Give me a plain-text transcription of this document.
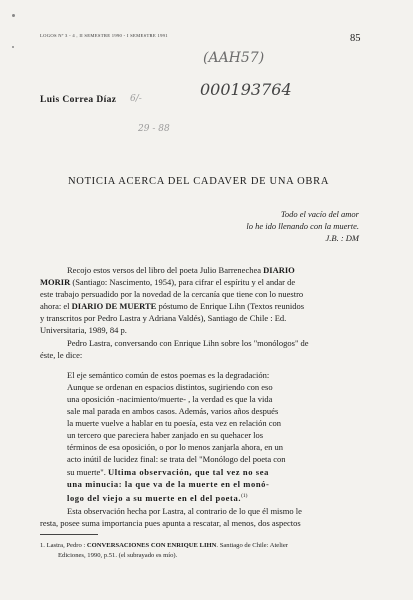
LOGOS Nº 3 - 4 , II SEMESTRE 1990 - I SEMESTRE 1991	85
(AAH57)
000193764
6/-
29 - 88
Luis Correa Díaz
NOTICIA ACERCA DEL CADAVER DE UNA OBRA
Todo el vacío del amor
lo he ido llenando con la muerte.
J.B. : DM
Recojo estos versos del libro del poeta Julio Barrenechea DIARIO
MORIR (Santiago: Nascimento, 1954), para cifrar el espíritu y el andar de
este trabajo persuadido por la novedad de la cercanía que tiene con lo nuestro
ahora: el DIARIO DE MUERTE póstumo de Enrique Lihn (Textos reunidos
y transcritos por Pedro Lastra y Adriana Valdés), Santiago de Chile : Ed.
Universitaria, 1989, 84 p.
Pedro Lastra, conversando con Enrique Lihn sobre los "monólogos" de
éste, le dice:
El eje semántico común de estos poemas es la degradación:
Aunque se ordenan en espacios distintos, sugiriendo con eso
una oposición -nacimiento/muerte- , la verdad es que la vida
sale mal parada en ambos casos. Además, varios años después
la muerte vuelve a hablar en tu poesía, esta vez en relación con
un tercero que pareciera haber zanjado en su quehacer los
términos de esa oposición, o por lo menos zanjarla ahora, en un
acto inútil de lucidez final: se trata del "Monólogo del poeta con
su muerte". Ultima observación, que tal vez no sea
una minucia: la que va de la muerte en el monó-
logo del viejo a su muerte en el del poeta.$^{(1)}$
Esta observación hecha por Lastra, al contrario de lo que él mismo le
resta, posee suma importancia pues apunta a rescatar, al menos, dos aspectos
1. Lastra, Pedro : CONVERSACIONES CON ENRIQUE LIHN. Santiago de Chile: Atelier
Ediciones, 1990, p.51. (el subrayado es mío).
